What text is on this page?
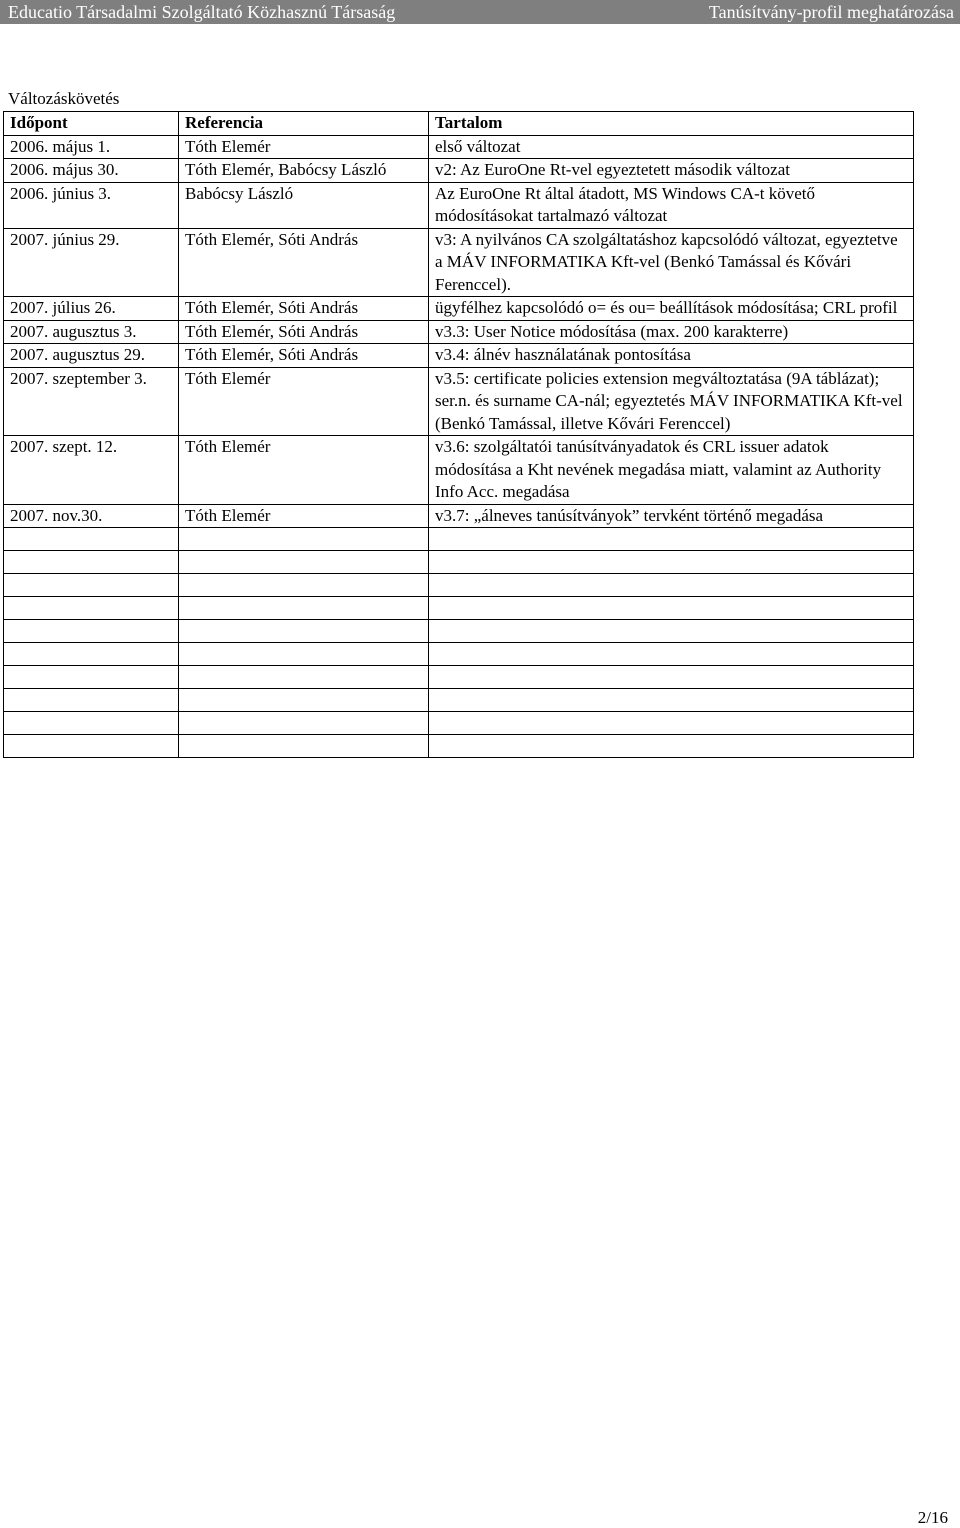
Educatio Társadalmi Szolgáltató Közhasznú Társaság	Tanúsítvány-profil meghatározása
Változáskövetés
Időpont	Referencia	Tartalom
2006. május 1.	Tóth Elemér	első változat
2006. május 30.	Tóth Elemér, Babócsy László	v2: Az EuroOne Rt-vel egyeztetett második változat
2006. június 3.	Babócsy László	Az EuroOne Rt által átadott, MS Windows CA-t követő módosításokat tartalmazó változat
2007. június 29.	Tóth Elemér, Sóti András	v3: A nyilvános CA szolgáltatáshoz kapcsolódó változat, egyeztetve a MÁV INFORMATIKA Kft-vel (Benkó Tamással és Kővári Ferenccel).
2007. július 26.	Tóth Elemér, Sóti András	ügyfélhez kapcsolódó o= és ou= beállítások módosítása; CRL profil
2007. augusztus 3.	Tóth Elemér, Sóti András	v3.3: User Notice módosítása (max. 200 karakterre)
2007. augusztus 29.	Tóth Elemér, Sóti András	v3.4: álnév használatának pontosítása
2007. szeptember 3.	Tóth Elemér	v3.5: certificate policies extension megváltoztatása (9A táblázat); ser.n. és surname CA-nál; egyeztetés MÁV INFORMATIKA Kft-vel (Benkó Tamással, illetve Kővári Ferenccel)
2007. szept. 12.	Tóth Elemér	v3.6: szolgáltatói tanúsítványadatok és CRL issuer adatok módosítása a Kht nevének megadása miatt, valamint az Authority Info Acc. megadása
2007. nov.30.	Tóth Elemér	v3.7: „álneves tanúsítványok” tervként történő megadása

2/16
